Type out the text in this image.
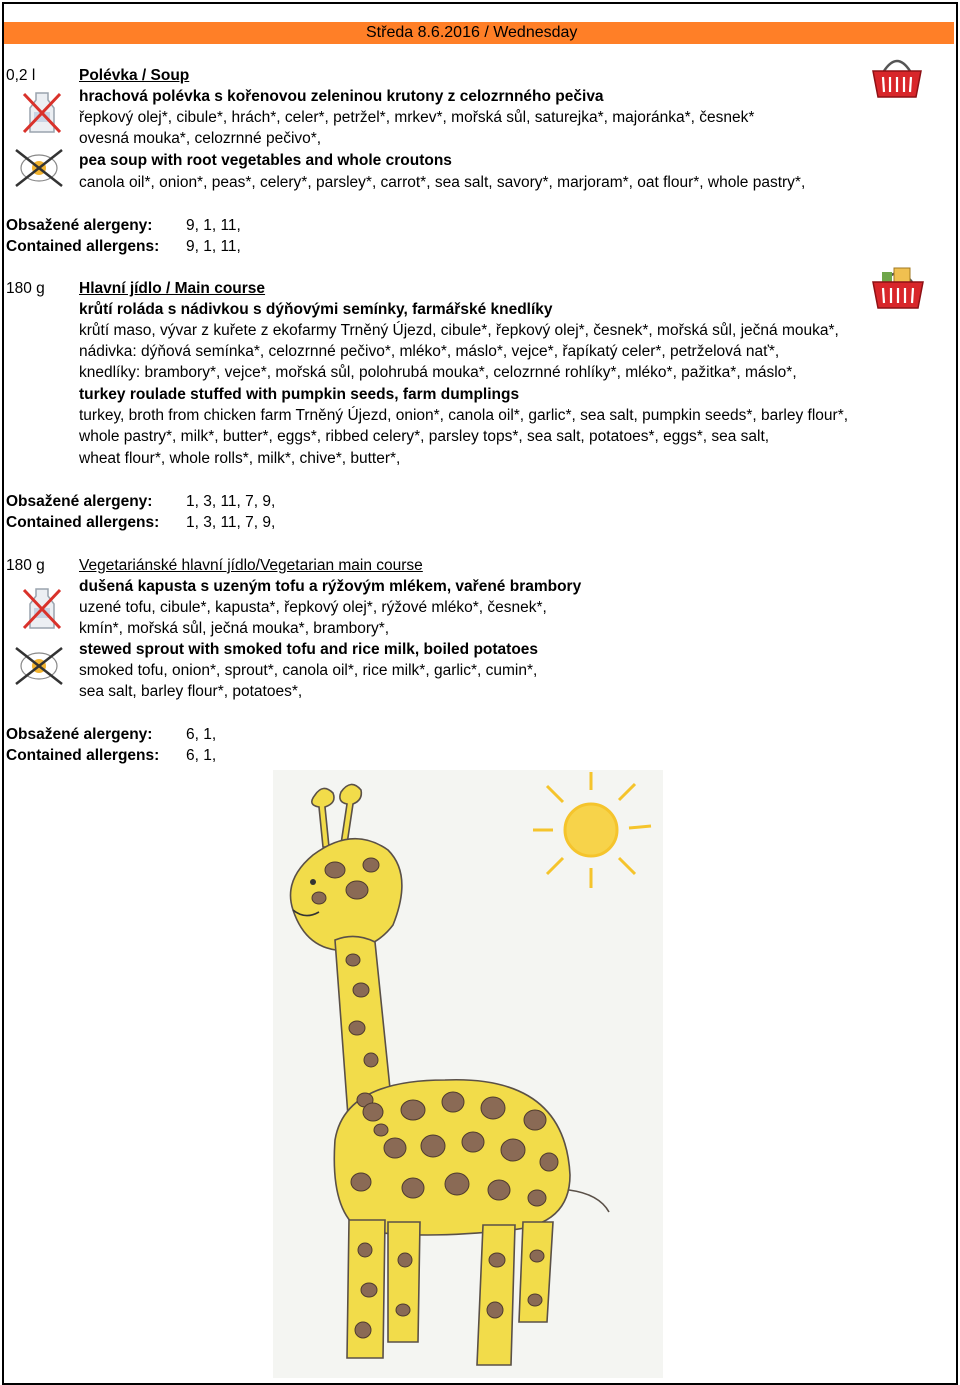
Středa 8.6.2016 / Wednesday
0,2 l	Polévka / Soup
hrachová polévka s kořenovou zeleninou krutony z celozrnného pečiva
řepkový olej*, cibule*, hrách*, celer*, petržel*, mrkev*, mořská sůl, saturejka*, majoránka*, česnek*
ovesná mouka*, celozrnné pečivo*,
pea soup with root vegetables and whole croutons
canola oil*, onion*, peas*, celery*, parsley*, carrot*, sea salt, savory*, marjoram*, oat flour*, whole pastry*,
Obsažené alergeny: 9, 1, 11,
Contained allergens: 9, 1, 11,
180 g Hlavní jídlo / Main course
krůtí roláda s nádivkou s dýňovými semínky, farmářské knedlíky
krůtí maso, vývar z kuřete z ekofarmy Trněný Újezd, cibule*, řepkový olej*, česnek*, mořská sůl, ječná mouka*,
nádivka: dýňová semínka*, celozrnné pečivo*, mléko*, máslo*, vejce*, řapíkatý celer*, petrželová nať*,
knedlíky: brambory*, vejce*, mořská sůl, polohrubá mouka*, celozrnné rohlíky*, mléko*, pažitka*, máslo*,
turkey roulade stuffed with pumpkin seeds, farm dumplings
turkey, broth from chicken farm Trněný Újezd, onion*, canola oil*, garlic*, sea salt, pumpkin seeds*, barley flour*,
whole pastry*, milk*, butter*, eggs*, ribbed celery*, parsley tops*, sea salt, potatoes*, eggs*, sea salt,
wheat flour*, whole rolls*, milk*, chive*, butter*,
Obsažené alergeny: 1, 3, 11, 7, 9,
Contained allergens: 1, 3, 11, 7, 9,
180 g Vegetariánské hlavní jídlo/Vegetarian main course
dušená kapusta s uzeným tofu a rýžovým mlékem, vařené brambory
uzené tofu, cibule*, kapusta*, řepkový olej*, rýžové mléko*, česnek*,
kmín*, mořská sůl, ječná mouka*, brambory*,
stewed sprout with smoked tofu and rice milk, boiled potatoes
smoked tofu, onion*, sprout*, canola oil*, rice milk*, garlic*, cumin*,
sea salt, barley flour*, potatoes*,
Obsažené alergeny: 6, 1,
Contained allergens: 6, 1,
